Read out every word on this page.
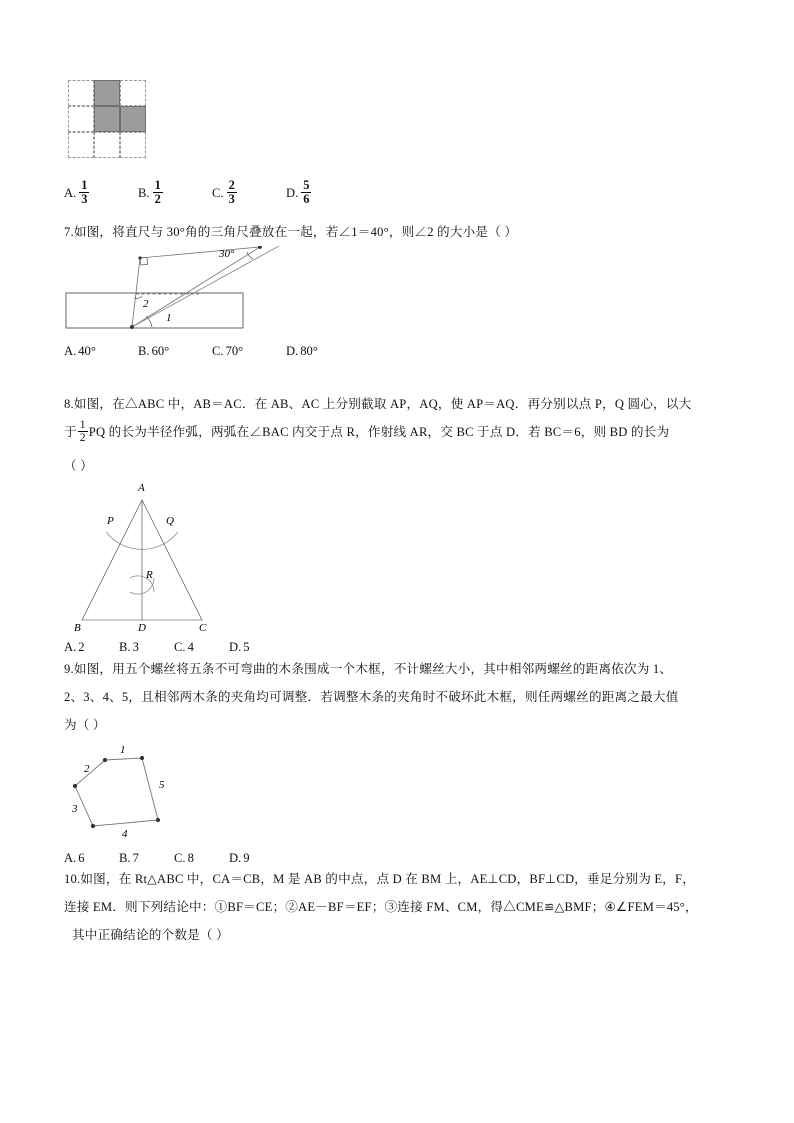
A. $\frac{1}{3}$	B. $\frac{1}{2}$	C. $\frac{2}{3}$	D. $\frac{5}{6}$
7.如图，将直尺与 30°角的三角尺叠放在一起，若∠1＝40°，则∠2 的大小是（ ）
30°
2
1
A. 40°	B. 60°	C. 70°	D. 80°
8.如图，在△ABC 中，AB＝AC．在 AB、AC 上分别截取 AP，AQ，使 AP＝AQ．再分别以点 P，Q 圆心，以大
于 $\frac{1}{2}$ PQ 的长为半径作弧，两弧在∠BAC 内交于点 R，作射线 AR，交 BC 于点 D．若 BC＝6，则 BD 的长为
（ ）
A
P	Q
R
B	D	C
A. 2	B. 3	C. 4	D. 5
9.如图，用五个螺丝将五条不可弯曲的木条围成一个木框，不计螺丝大小，其中相邻两螺丝的距离依次为 1、
2、3、4、5，且相邻两木条的夹角均可调整．若调整木条的夹角时不破坏此木框，则任两螺丝的距离之最大值
为（ ）
1
2
3
4
5
A. 6	B. 7	C. 8	D. 9
10.如图，在 Rt△ABC 中，CA＝CB，M 是 AB 的中点，点 D 在 BM 上，AE⊥CD，BF⊥CD，垂足分别为 E，F，
连接 EM．则下列结论中：①BF＝CE；②AE－BF＝EF；③连接 FM、CM，得△CME≌△BMF；④∠FEM＝45°，
其中正确结论的个数是（ ）
